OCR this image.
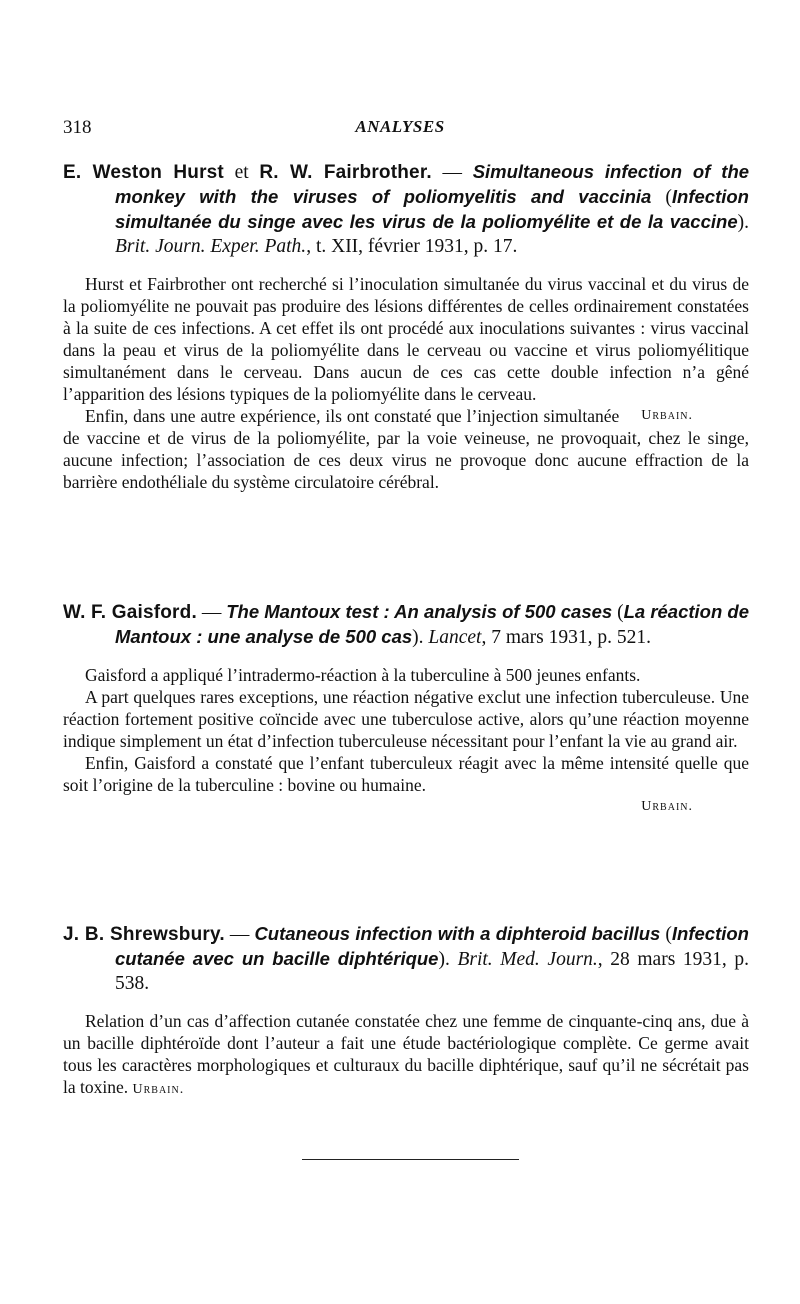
318	ANALYSES

E. Weston Hurst et R. W. Fairbrother. — Simultaneous infection of the monkey with the viruses of poliomyelitis and vaccinia (Infection simultanée du singe avec les virus de la poliomyélite et de la vaccine). Brit. Journ. Exper. Path., t. XII, février 1931, p. 17.

Hurst et Fairbrother ont recherché si l’inoculation simultanée du virus vaccinal et du virus de la poliomyélite ne pouvait pas produire des lésions différentes de celles ordinairement constatées à la suite de ces infections. A cet effet ils ont procédé aux inoculations suivantes : virus vaccinal dans la peau et virus de la poliomyélite dans le cerveau ou vaccine et virus poliomyélitique simultanément dans le cerveau. Dans aucun de ces cas cette double infection n’a gêné l’apparition des lésions typiques de la poliomyélite dans le cerveau.

Urbain.
Enfin, dans une autre expérience, ils ont constaté que l’injection simultanée de vaccine et de virus de la poliomyélite, par la voie veineuse, ne provoquait, chez le singe, aucune infection; l’association de ces deux virus ne provoque donc aucune effraction de la barrière endothéliale du système circulatoire cérébral.

W. F. Gaisford. — The Mantoux test : An analysis of 500 cases (La réaction de Mantoux : une analyse de 500 cas). Lancet, 7 mars 1931, p. 521.

Gaisford a appliqué l’intradermo-réaction à la tuberculine à 500 jeunes enfants.

A part quelques rares exceptions, une réaction négative exclut une infection tuberculeuse. Une réaction fortement positive coïncide avec une tuberculose active, alors qu’une réaction moyenne indique simplement un état d’infection tuberculeuse nécessitant pour l’enfant la vie au grand air.

Enfin, Gaisford a constaté que l’enfant tuberculeux réagit avec la même intensité quelle que soit l’origine de la tuberculine : bovine ou humaine.

Urbain.

J. B. Shrewsbury. — Cutaneous infection with a diphteroid bacillus (Infection cutanée avec un bacille diphtérique). Brit. Med. Journ., 28 mars 1931, p. 538.

Relation d’un cas d’affection cutanée constatée chez une femme de cinquante-cinq ans, due à un bacille diphtéroïde dont l’auteur a fait une étude bactériologique complète. Ce germe avait tous les caractères morphologiques et culturaux du bacille diphtérique, sauf qu’il ne sécrétait pas la toxine. Urbain.
